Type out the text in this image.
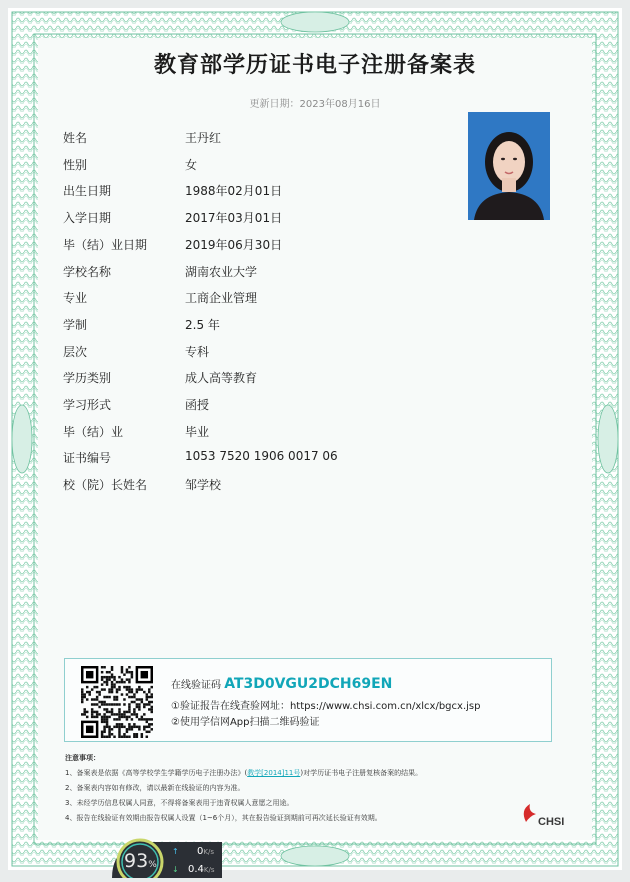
教育部学历证书电子注册备案表
更新日期：2023年08月16日
姓名	王丹红
性别	女
出生日期	1988年02月01日
入学日期	2017年03月01日
毕（结）业日期	2019年06月30日
学校名称	湖南农业大学
专业	工商企业管理
学制	2.5 年
层次	专科
学历类别	成人高等教育
学习形式	函授
毕（结）业	毕业
证书编号	1053 7520 1906 0017 06
校（院）长姓名	邹学校
在线验证码 AT3D0VGU2DCH69EN
①验证报告在线查验网址：https://www.chsi.com.cn/xlcx/bgcx.jsp
②使用学信网App扫描二维码验证
注意事项：
1、备案表是依据《高等学校学生学籍学历电子注册办法》(教学[2014]11号)对学历证书电子注册复核备案的结果。
2、备案表内容如有修改，请以最新在线验证的内容为准。
3、未经学历信息权属人同意，不得将备案表用于违背权属人意愿之用途。
4、报告在线验证有效期由报告权属人设置（1~6个月），其在报告验证到期前可再次延长验证有效期。	CHSI
↑
↓
93%
0K/s
0.4K/s
